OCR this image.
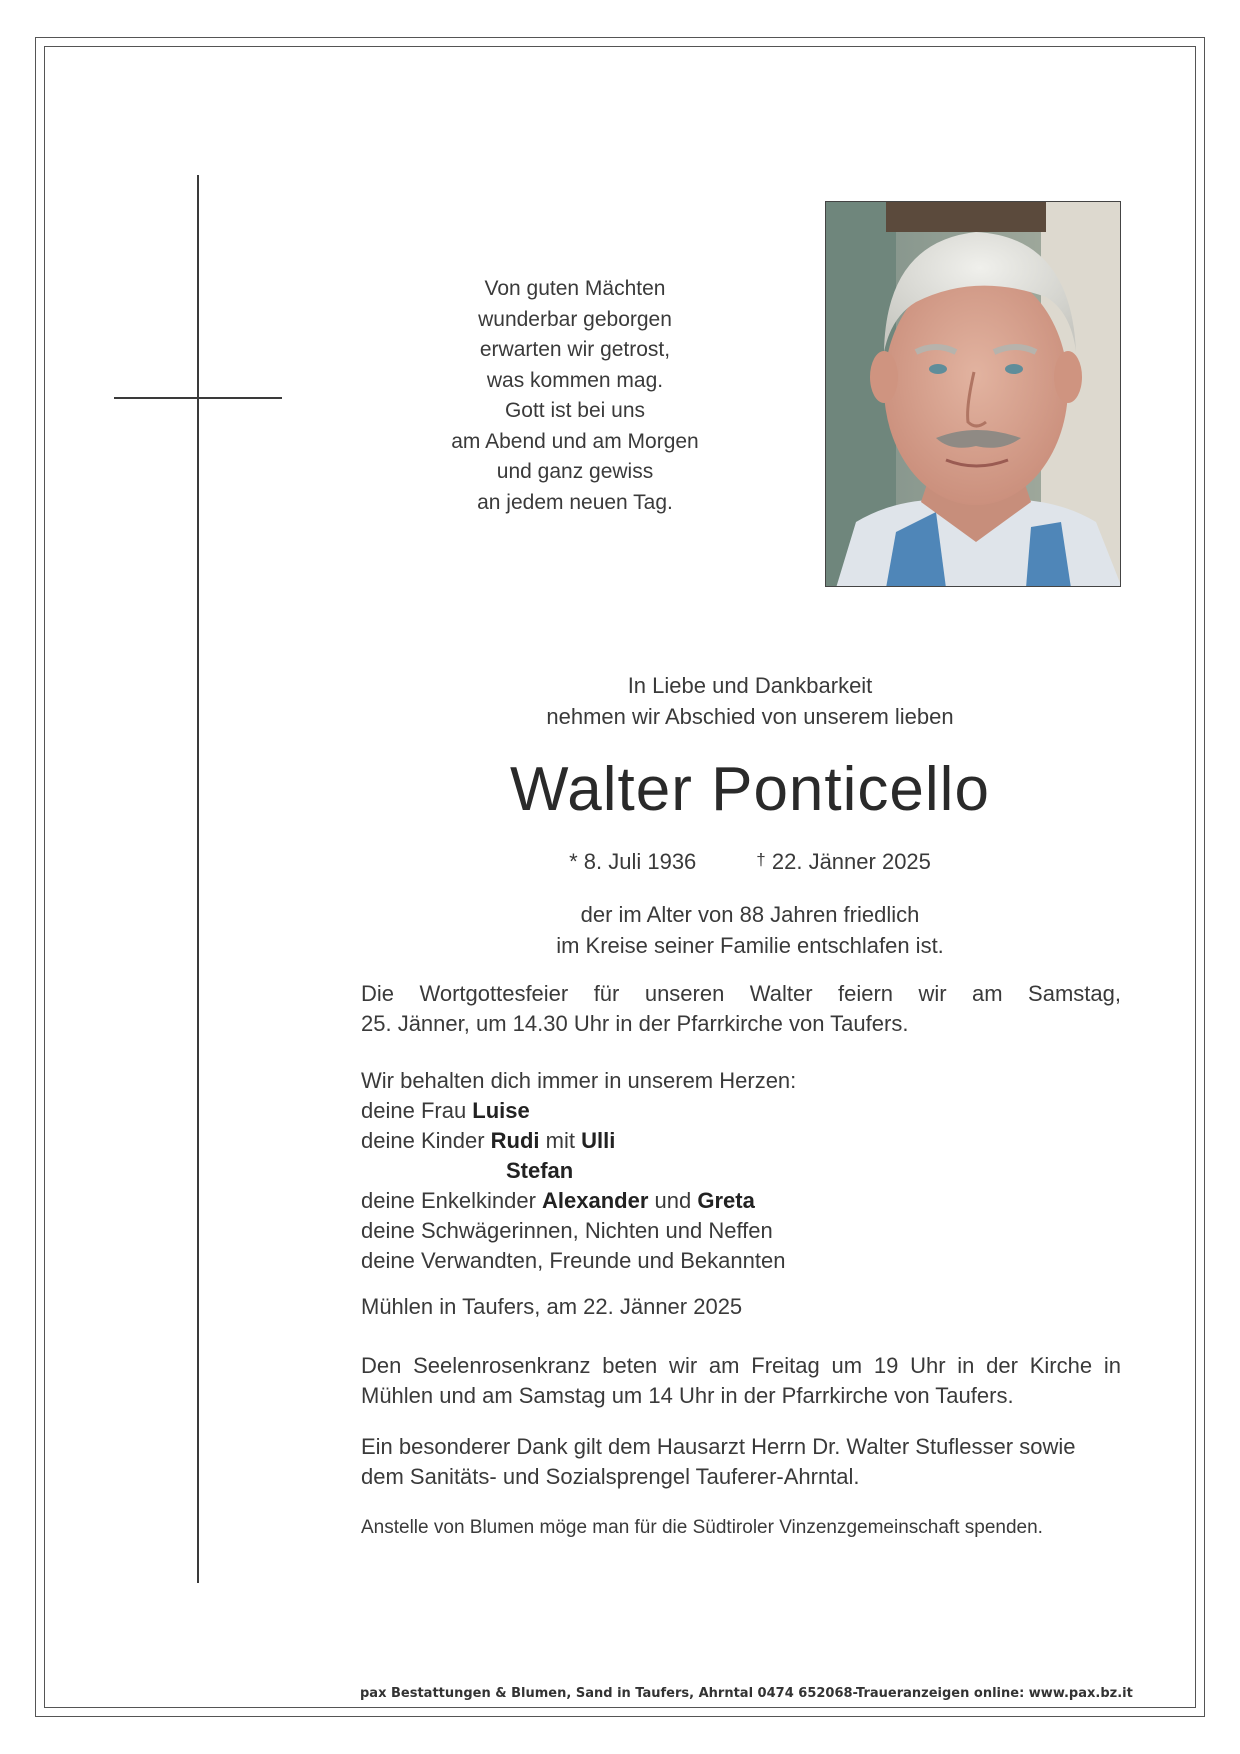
Von guten Mächten
wunderbar geborgen
erwarten wir getrost,
was kommen mag.
Gott ist bei uns
am Abend und am Morgen
und ganz gewiss
an jedem neuen Tag.
In Liebe und Dankbarkeit
nehmen wir Abschied von unserem lieben
Walter Ponticello
* 8. Juli 1936	† 22. Jänner 2025
der im Alter von 88 Jahren friedlich
im Kreise seiner Familie entschlafen ist.
Die Wortgottesfeier für unseren Walter feiern wir am Samstag,
25. Jänner, um 14.30 Uhr in der Pfarrkirche von Taufers.
Wir behalten dich immer in unserem Herzen:
deine Frau Luise
deine Kinder Rudi mit Ulli
Stefan
deine Enkelkinder Alexander und Greta
deine Schwägerinnen, Nichten und Neffen
deine Verwandten, Freunde und Bekannten
Mühlen in Taufers, am 22. Jänner 2025
Den Seelenrosenkranz beten wir am Freitag um 19 Uhr in der Kirche in
Mühlen und am Samstag um 14 Uhr in der Pfarrkirche von Taufers.
Ein besonderer Dank gilt dem Hausarzt Herrn Dr. Walter Stuflesser sowie
dem Sanitäts- und Sozialsprengel Tauferer-Ahrntal.
Anstelle von Blumen möge man für die Südtiroler Vinzenzgemeinschaft spenden.
pax Bestattungen & Blumen, Sand in Taufers, Ahrntal 0474 652068-Traueranzeigen online: www.pax.bz.it
